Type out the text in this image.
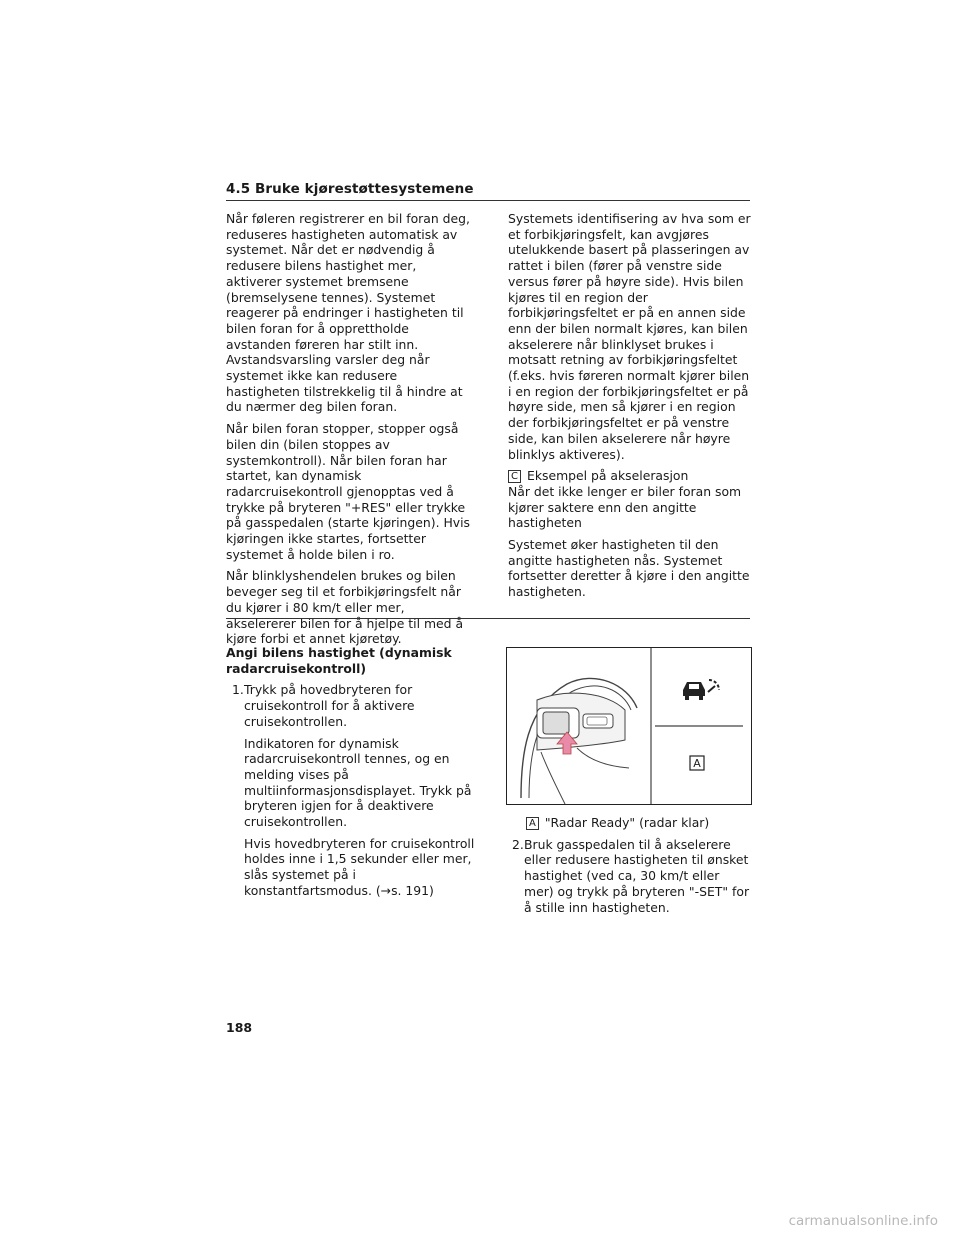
4.5 Bruke kjørestøttesystemene

Når føleren registrerer en bil foran deg, reduseres hastigheten automatisk av systemet. Når det er nødvendig å redusere bilens hastighet mer, aktiverer systemet bremsene (bremselysene tennes). Systemet reagerer på endringer i hastigheten til bilen foran for å opprettholde avstanden føreren har stilt inn. Avstandsvarsling varsler deg når systemet ikke kan redusere hastigheten tilstrekkelig til å hindre at du nærmer deg bilen foran.

Når bilen foran stopper, stopper også bilen din (bilen stoppes av systemkontroll). Når bilen foran har startet, kan dynamisk radarcruisekontroll gjenopptas ved å trykke på bryteren "+RES" eller trykke på gasspedalen (starte kjøringen). Hvis kjøringen ikke startes, fortsetter systemet å holde bilen i ro.

Når blinklyshendelen brukes og bilen beveger seg til et forbikjøringsfelt når du kjører i 80 km/t eller mer, akselererer bilen for å hjelpe til med å kjøre forbi et annet kjøretøy.

Systemets identifisering av hva som er et forbikjøringsfelt, kan avgjøres utelukkende basert på plasseringen av rattet i bilen (fører på venstre side versus fører på høyre side). Hvis bilen kjøres til en region der forbikjøringsfeltet er på en annen side enn der bilen normalt kjøres, kan bilen akselerere når blinklyset brukes i motsatt retning av forbikjøringsfeltet (f.eks. hvis føreren normalt kjører bilen i en region der forbikjøringsfeltet er på høyre side, men så kjører i en region der forbikjøringsfeltet er på venstre side, kan bilen akselerere når høyre blinklys aktiveres).

C Eksempel på akselerasjon

Når det ikke lenger er biler foran som kjører saktere enn den angitte hastigheten

Systemet øker hastigheten til den angitte hastigheten nås. Systemet fortsetter deretter å kjøre i den angitte hastigheten.

Angi bilens hastighet (dynamisk radarcruisekontroll)

1. Trykk på hovedbryteren for cruisekontroll for å aktivere cruisekontrollen.

Indikatoren for dynamisk radarcruisekontroll tennes, og en melding vises på multiinformasjonsdisplayet. Trykk på bryteren igjen for å deaktivere cruisekontrollen.

Hvis hovedbryteren for cruisekontroll holdes inne i 1,5 sekunder eller mer, slås systemet på i konstantfartsmodus. (→s. 191)

A

A "Radar Ready" (radar klar)

2. Bruk gasspedalen til å akselerere eller redusere hastigheten til ønsket hastighet (ved ca, 30 km/t eller mer) og trykk på bryteren "-SET" for å stille inn hastigheten.

188
carmanualsonline.info
